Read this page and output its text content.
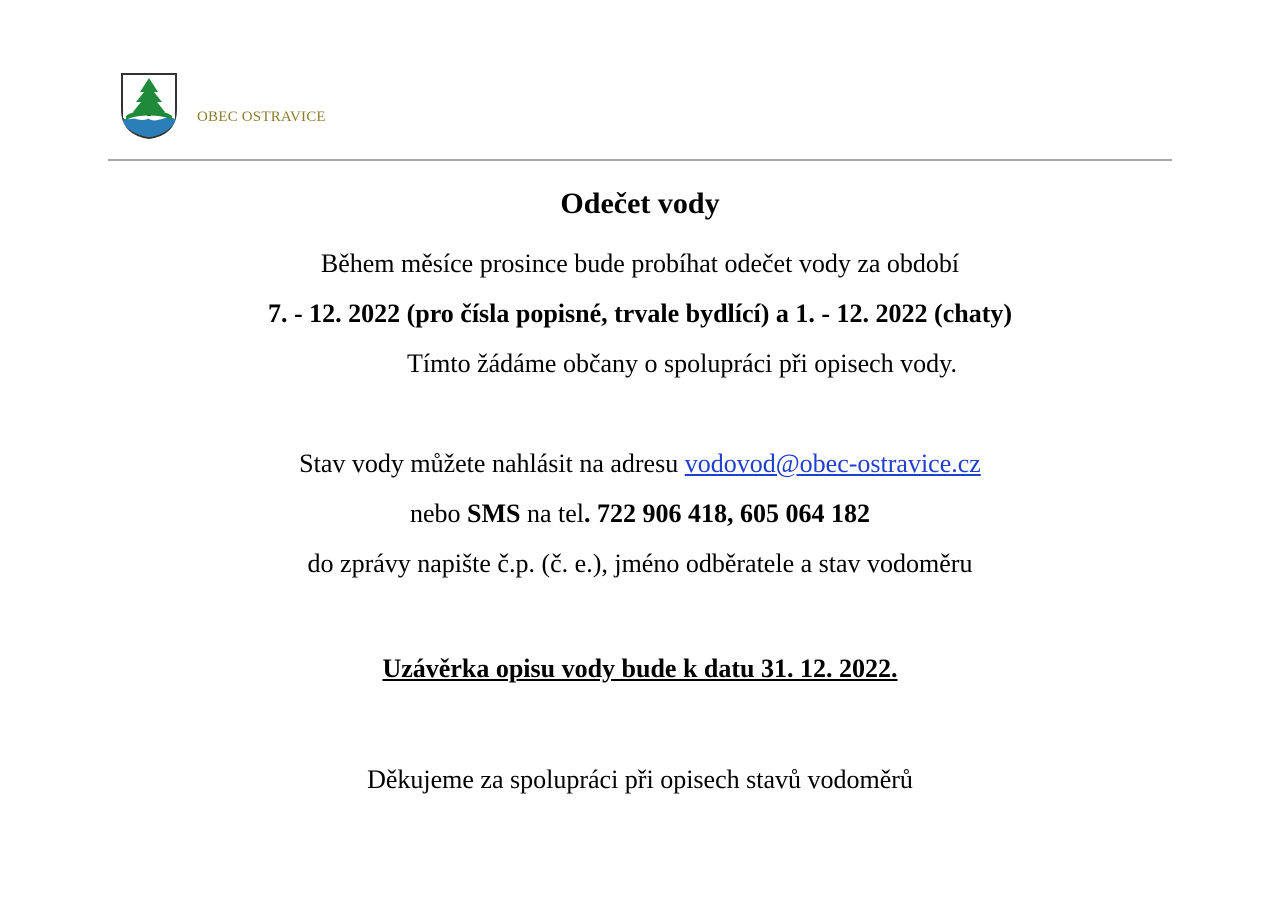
OBEC OSTRAVICE
Odečet vody
Během měsíce prosince bude probíhat odečet vody za období
7. - 12. 2022 (pro čísla popisné, trvale bydlící) a 1. - 12. 2022 (chaty)
Tímto žádáme občany o spolupráci při opisech vody.
Stav vody můžete nahlásit na adresu vodovod@obec-ostravice.cz
nebo SMS na tel. 722 906 418, 605 064 182
do zprávy napište č.p. (č. e.), jméno odběratele a stav vodoměru
Uzávěrka opisu vody bude k datu 31. 12. 2022.
Děkujeme za spolupráci při opisech stavů vodoměrů
